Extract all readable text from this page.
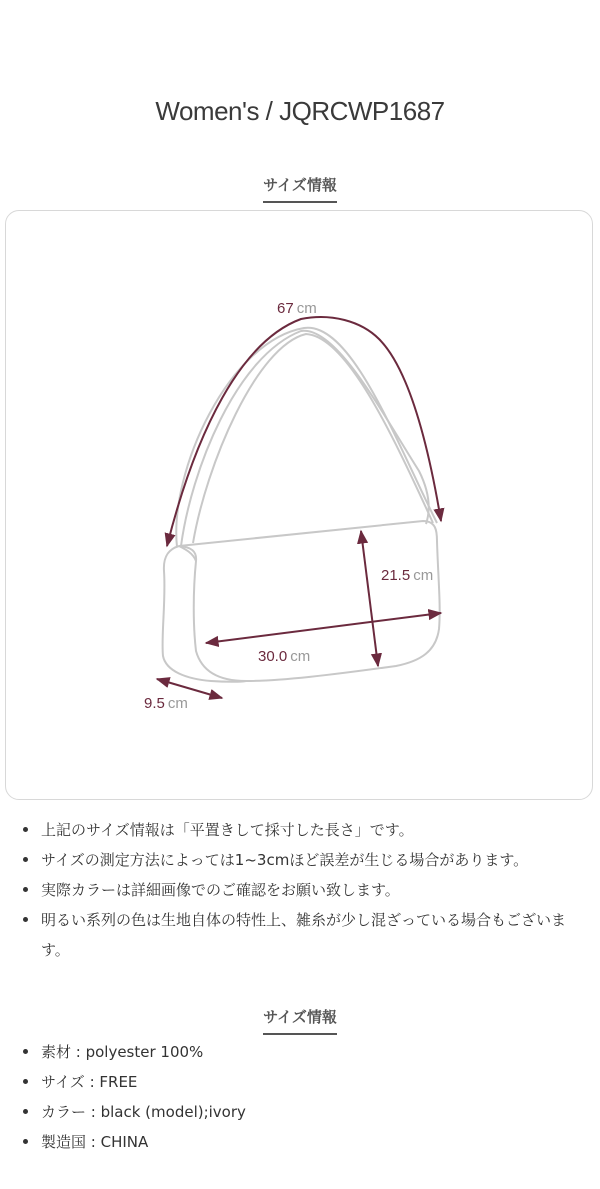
Women's / JQRCWP1687
サイズ情報
67 cm
21.5 cm
30.0 cm
9.5 cm
上記のサイズ情報は「平置きして採寸した長さ」です。
サイズの測定方法によっては1~3cmほど誤差が生じる場合があります。
実際カラーは詳細画像でのご確認をお願い致します。
明るい系列の色は生地自体の特性上、雑糸が少し混ざっている場合もございます。
サイズ情報
素材 : polyester 100%
サイズ : FREE
カラー : black (model);ivory
製造国 : CHINA
